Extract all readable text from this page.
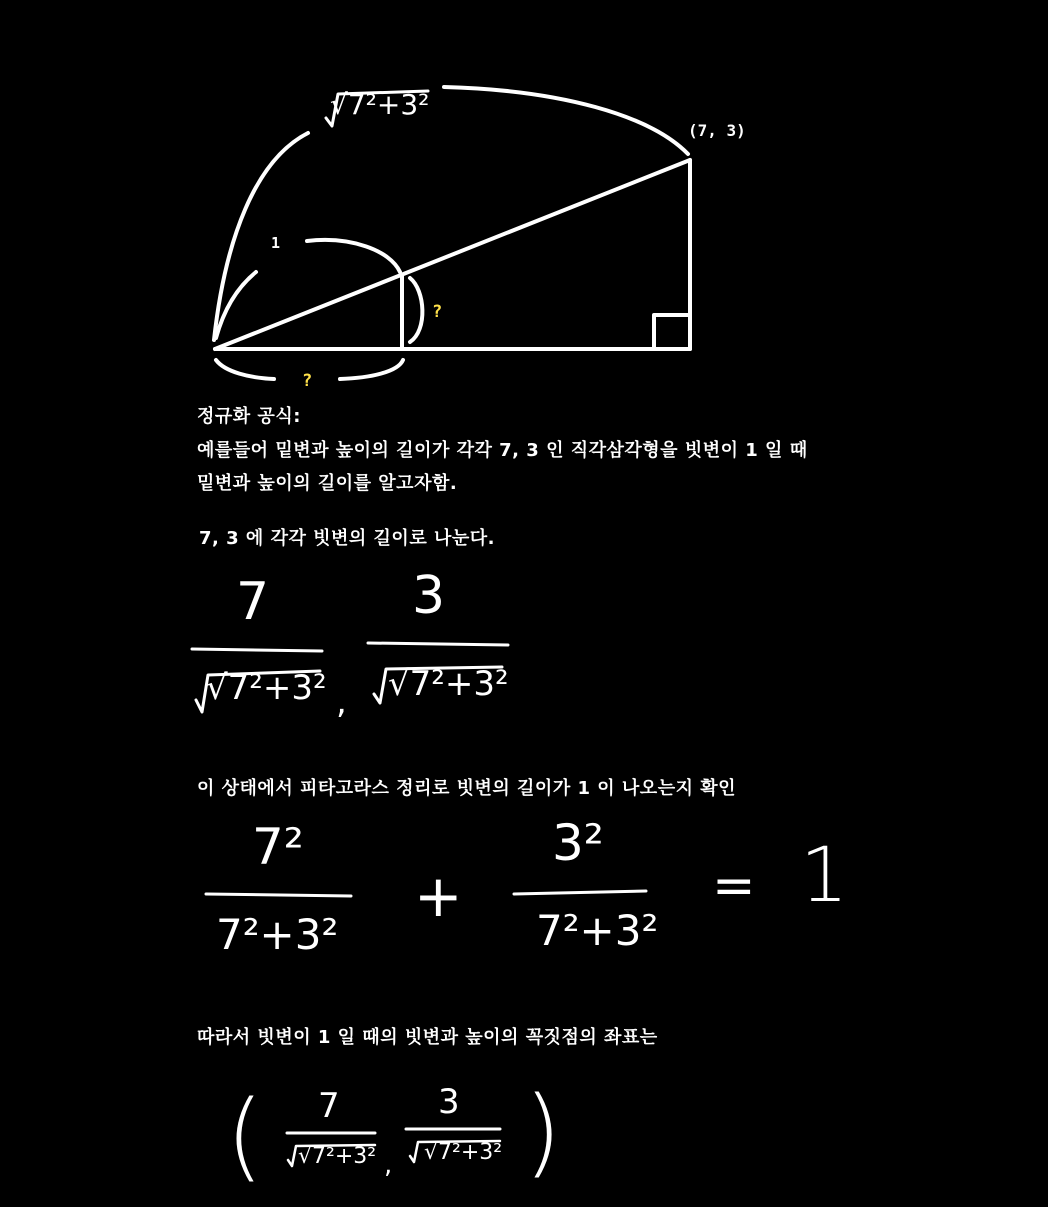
√7²+3²
(7, 3)
1
?
?
정규화 공식:
예를들어 밑변과 높이의 길이가 각각 7, 3 인 직각삼각형을 빗변이 1 일 때
밑변과 높이의 길이를 알고자함.
7, 3 에 각각 빗변의 길이로 나눈다.
이 상태에서 피타고라스 정리로 빗변의 길이가 1 이 나오는지 확인
따라서 빗변이 1 일 때의 빗변과 높이의 꼭짓점의 좌표는
7
√7²+3² ,
3
√7²+3²
7²
7²+3²
+
3²
7²+3²
= 1
( 7
√7²+3² ,
3
√7²+3² )
